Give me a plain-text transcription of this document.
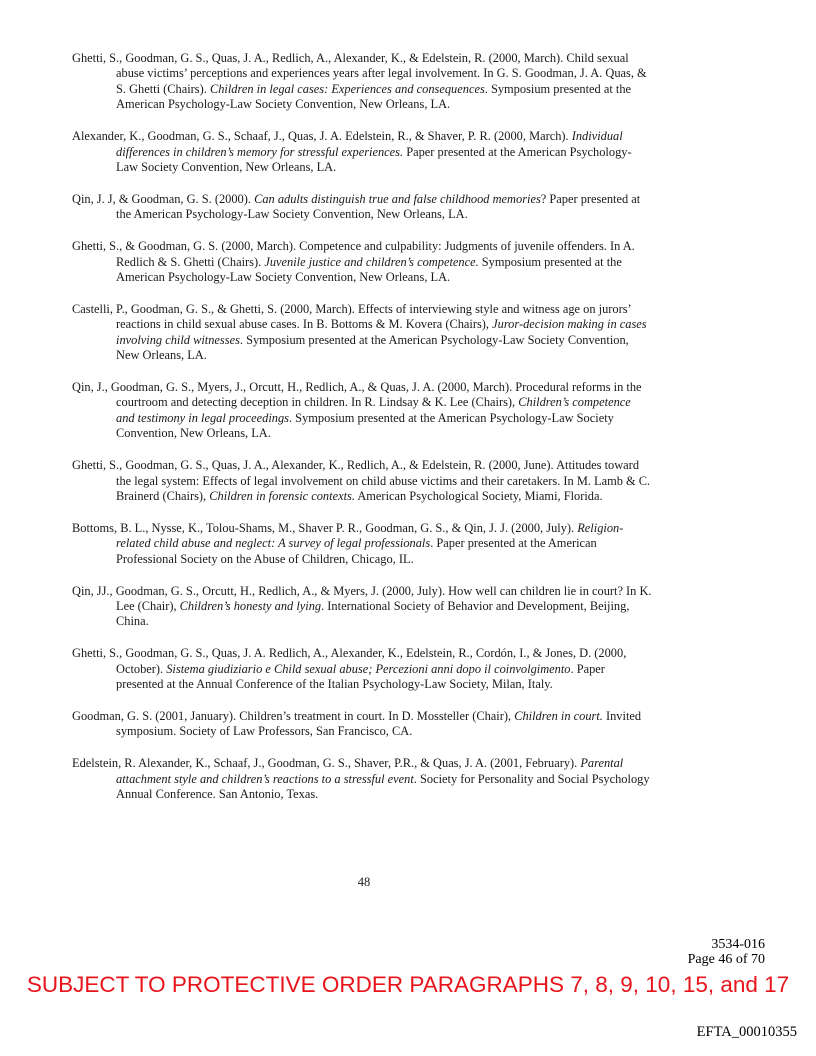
Ghetti, S., Goodman, G. S., Quas, J. A., Redlich, A., Alexander, K., & Edelstein, R. (2000, March). Child sexual abuse victims’ perceptions and experiences years after legal involvement. In G. S. Goodman, J. A. Quas, & S. Ghetti (Chairs). Children in legal cases: Experiences and consequences. Symposium presented at the American Psychology-Law Society Convention, New Orleans, LA.

Alexander, K., Goodman, G. S., Schaaf, J., Quas, J. A. Edelstein, R., & Shaver, P. R. (2000, March). Individual differences in children’s memory for stressful experiences. Paper presented at the American Psychology-Law Society Convention, New Orleans, LA.

Qin, J. J, & Goodman, G. S. (2000). Can adults distinguish true and false childhood memories? Paper presented at the American Psychology-Law Society Convention, New Orleans, LA.

Ghetti, S., & Goodman, G. S. (2000, March). Competence and culpability: Judgments of juvenile offenders. In A. Redlich & S. Ghetti (Chairs). Juvenile justice and children’s competence. Symposium presented at the American Psychology-Law Society Convention, New Orleans, LA.

Castelli, P., Goodman, G. S., & Ghetti, S. (2000, March). Effects of interviewing style and witness age on jurors’ reactions in child sexual abuse cases. In B. Bottoms & M. Kovera (Chairs), Juror-decision making in cases involving child witnesses. Symposium presented at the American Psychology-Law Society Convention, New Orleans, LA.

Qin, J., Goodman, G. S., Myers, J., Orcutt, H., Redlich, A., & Quas, J. A. (2000, March). Procedural reforms in the courtroom and detecting deception in children. In R. Lindsay & K. Lee (Chairs), Children’s competence and testimony in legal proceedings. Symposium presented at the American Psychology-Law Society Convention, New Orleans, LA.

Ghetti, S., Goodman, G. S., Quas, J. A., Alexander, K., Redlich, A., & Edelstein, R. (2000, June). Attitudes toward the legal system: Effects of legal involvement on child abuse victims and their caretakers. In M. Lamb & C. Brainerd (Chairs), Children in forensic contexts. American Psychological Society, Miami, Florida.

Bottoms, B. L., Nysse, K., Tolou-Shams, M., Shaver P. R., Goodman, G. S., & Qin, J. J. (2000, July). Religion-related child abuse and neglect: A survey of legal professionals. Paper presented at the American Professional Society on the Abuse of Children, Chicago, IL.

Qin, JJ., Goodman, G. S., Orcutt, H., Redlich, A., & Myers, J. (2000, July). How well can children lie in court? In K. Lee (Chair), Children’s honesty and lying. International Society of Behavior and Development, Beijing, China.

Ghetti, S., Goodman, G. S., Quas, J. A. Redlich, A., Alexander, K., Edelstein, R., Cordón, I., & Jones, D. (2000, October). Sistema giudiziario e Child sexual abuse; Percezioni anni dopo il coinvolgimento. Paper presented at the Annual Conference of the Italian Psychology-Law Society, Milan, Italy.

Goodman, G. S. (2001, January). Children’s treatment in court. In D. Mossteller (Chair), Children in court. Invited symposium. Society of Law Professors, San Francisco, CA.

Edelstein, R. Alexander, K., Schaaf, J., Goodman, G. S., Shaver, P.R., & Quas, J. A. (2001, February). Parental attachment style and children’s reactions to a stressful event. Society for Personality and Social Psychology Annual Conference. San Antonio, Texas.

48
3534-016
Page 46 of 70
SUBJECT TO PROTECTIVE ORDER PARAGRAPHS 7, 8, 9, 10, 15, and 17
EFTA_00010355
